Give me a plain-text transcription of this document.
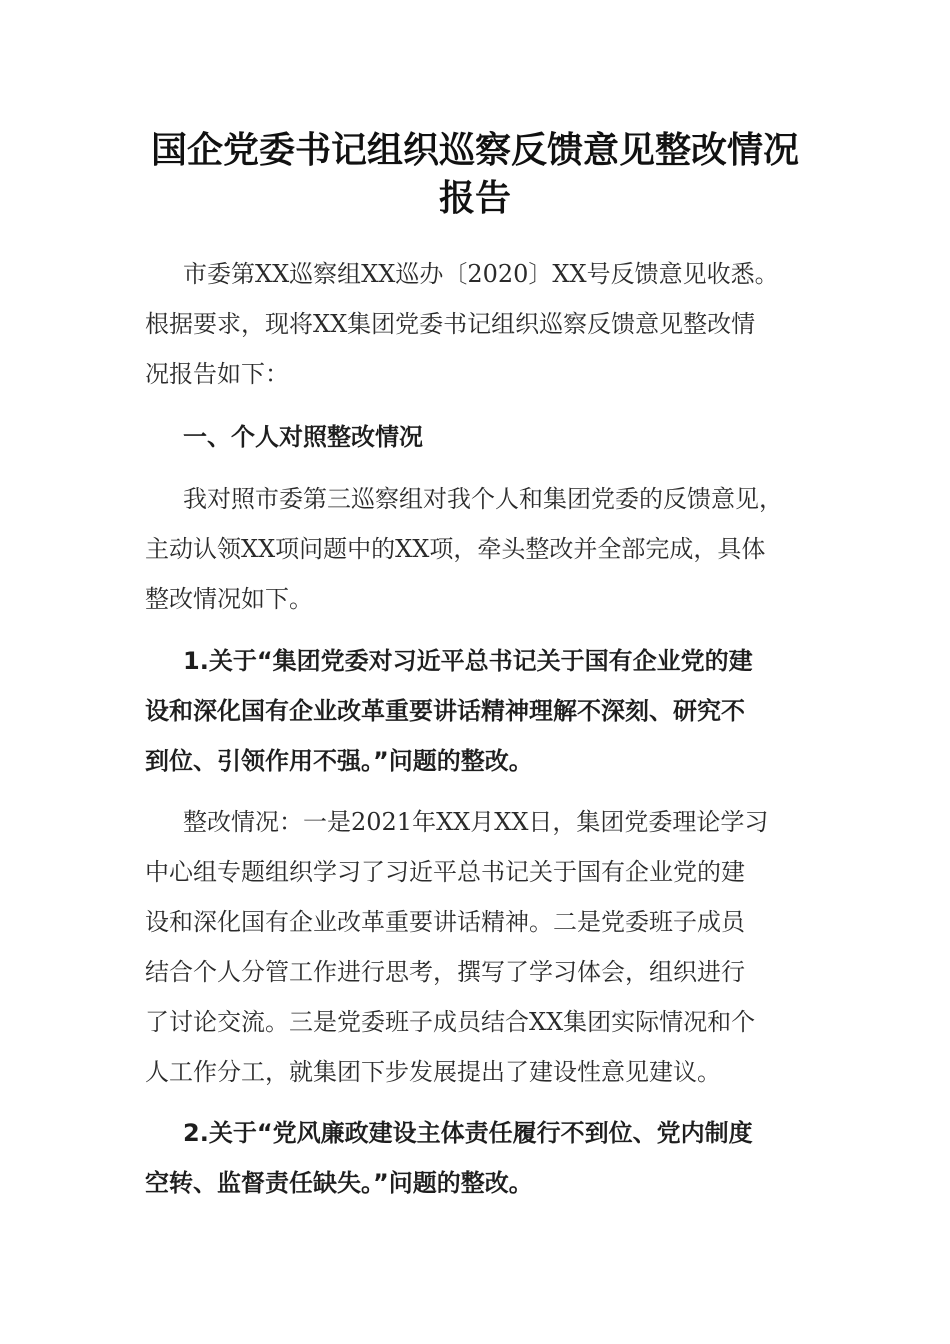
国企党委书记组织巡察反馈意见整改情况
报告
市委第XX巡察组XX巡办〔2020〕XX号反馈意见收悉。
根据要求，现将XX集团党委书记组织巡察反馈意见整改情
况报告如下：
一、个人对照整改情况
我对照市委第三巡察组对我个人和集团党委的反馈意见，
主动认领XX项问题中的XX项，牵头整改并全部完成，具体
整改情况如下。
1.关于“集团党委对习近平总书记关于国有企业党的建
设和深化国有企业改革重要讲话精神理解不深刻、研究不
到位、引领作用不强。”问题的整改。
整改情况：一是2021年XX月XX日，集团党委理论学习
中心组专题组织学习了习近平总书记关于国有企业党的建
设和深化国有企业改革重要讲话精神。二是党委班子成员
结合个人分管工作进行思考，撰写了学习体会，组织进行
了讨论交流。三是党委班子成员结合XX集团实际情况和个
人工作分工，就集团下步发展提出了建设性意见建议。
2.关于“党风廉政建设主体责任履行不到位、党内制度
空转、监督责任缺失。”问题的整改。
